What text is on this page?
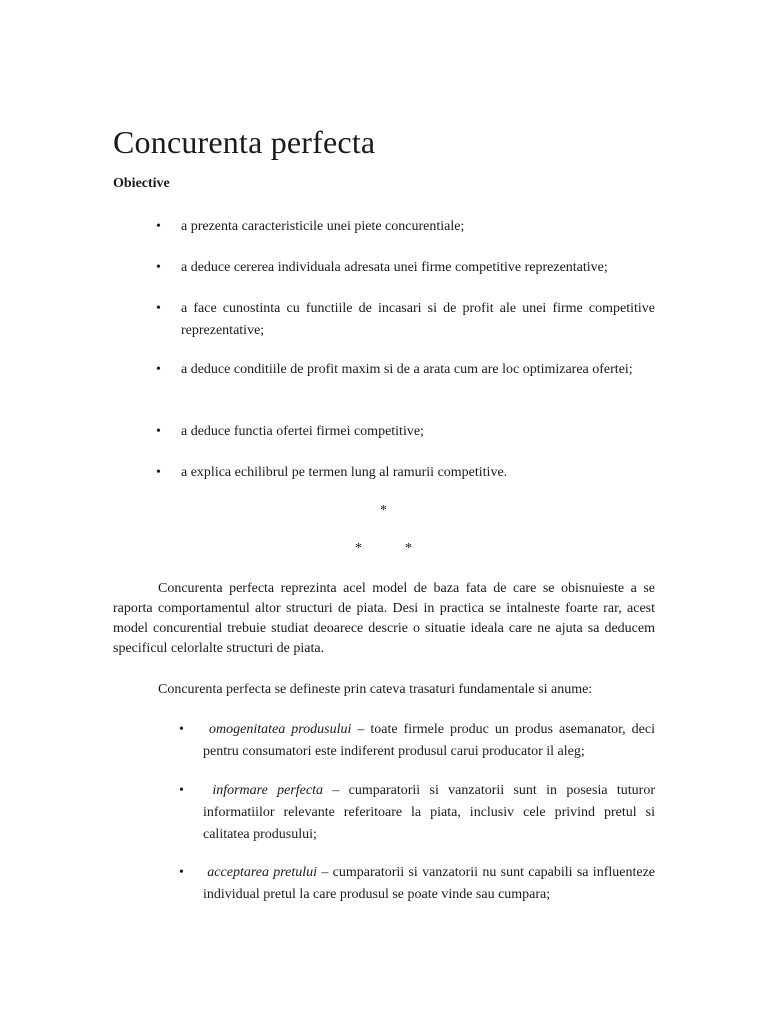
Concurenta perfecta
Obiective
• a prezenta caracteristicile unei piete concurentiale;
• a deduce cererea individuala adresata unei firme competitive reprezentative;
• a face cunostinta cu functiile de incasari si de profit ale unei firme competitive reprezentative;
• a deduce conditiile de profit maxim si de a arata cum are loc optimizarea ofertei;
• a deduce functia ofertei firmei competitive;
• a explica echilibrul pe termen lung al ramurii competitive.
*
*	*

Concurenta perfecta reprezinta acel model de baza fata de care se obisnuieste a se raporta comportamentul altor structuri de piata. Desi in practica se intalneste foarte rar, acest model concurential trebuie studiat deoarece descrie o situatie ideala care ne ajuta sa deducem specificul celorlalte structuri de piata.

Concurenta perfecta se defineste prin cateva trasaturi fundamentale si anume:

•	omogenitatea produsului – toate firmele produc un produs asemanator, deci pentru consumatori este indiferent produsul carui producator il aleg;
•	informare perfecta – cumparatorii si vanzatorii sunt in posesia tuturor informatiilor relevante referitoare la piata, inclusiv cele privind pretul si calitatea produsului;
•	acceptarea pretului – cumparatorii si vanzatorii nu sunt capabili sa influenteze individual pretul la care produsul se poate vinde sau cumpara;
